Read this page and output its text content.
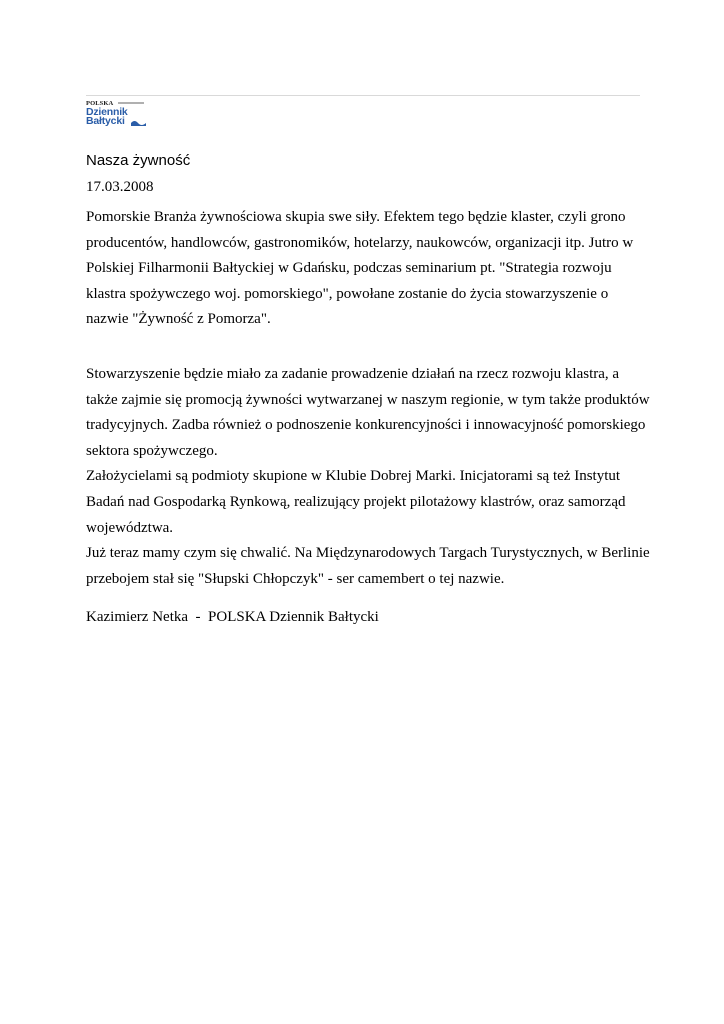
POLSKA
Dziennik
Bałtycki
Nasza żywność
17.03.2008
Pomorskie Branża żywnościowa skupia swe siły. Efektem tego będzie klaster, czyli grono
producentów, handlowców, gastronomików, hotelarzy, naukowców, organizacji itp. Jutro w
Polskiej Filharmonii Bałtyckiej w Gdańsku, podczas seminarium pt. "Strategia rozwoju
klastra spożywczego woj. pomorskiego", powołane zostanie do życia stowarzyszenie o
nazwie "Żywność z Pomorza".
Stowarzyszenie będzie miało za zadanie prowadzenie działań na rzecz rozwoju klastra, a
także zajmie się promocją żywności wytwarzanej w naszym regionie, w tym także produktów
tradycyjnych. Zadba również o podnoszenie konkurencyjności i innowacyjność pomorskiego
sektora spożywczego.
Założycielami są podmioty skupione w Klubie Dobrej Marki. Inicjatorami są też Instytut
Badań nad Gospodarką Rynkową, realizujący projekt pilotażowy klastrów, oraz samorząd
województwa.
Już teraz mamy czym się chwalić. Na Międzynarodowych Targach Turystycznych, w Berlinie
przebojem stał się "Słupski Chłopczyk" - ser camembert o tej nazwie.
Kazimierz Netka  -  POLSKA Dziennik Bałtycki
